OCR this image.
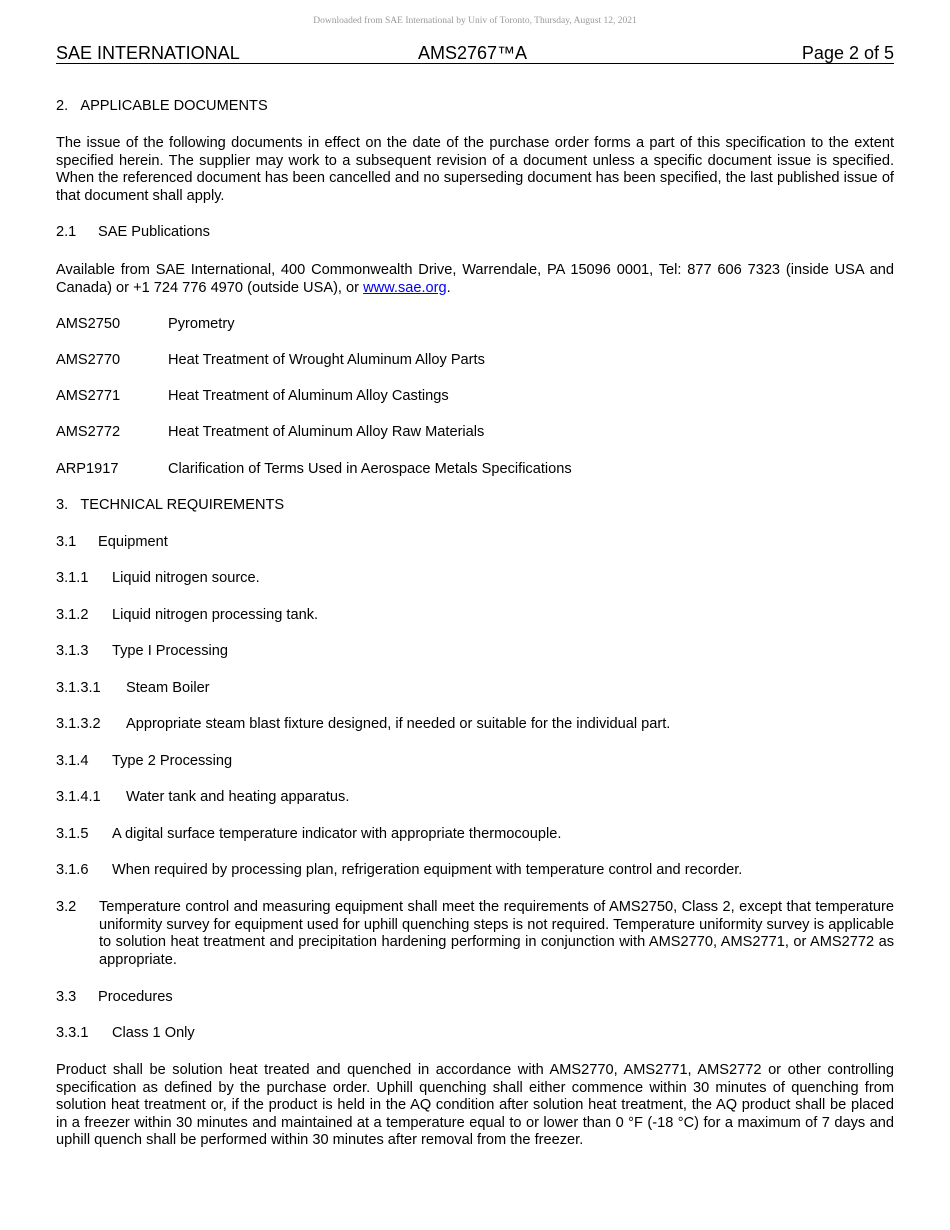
Downloaded from SAE International by Univ of Toronto, Thursday, August 12, 2021
SAE INTERNATIONAL	AMS2767™A	Page 2 of 5

2. APPLICABLE DOCUMENTS

The issue of the following documents in effect on the date of the purchase order forms a part of this specification to the extent specified herein. The supplier may work to a subsequent revision of a document unless a specific document issue is specified. When the referenced document has been cancelled and no superseding document has been specified, the last published issue of that document shall apply.

2.1 SAE Publications

Available from SAE International, 400 Commonwealth Drive, Warrendale, PA 15096 0001, Tel: 877 606 7323 (inside USA and Canada) or +1 724 776 4970 (outside USA), or www.sae.org.

AMS2750	Pyrometry
AMS2770	Heat Treatment of Wrought Aluminum Alloy Parts
AMS2771	Heat Treatment of Aluminum Alloy Castings
AMS2772	Heat Treatment of Aluminum Alloy Raw Materials
ARP1917	Clarification of Terms Used in Aerospace Metals Specifications

3. TECHNICAL REQUIREMENTS

3.1 Equipment

3.1.1 Liquid nitrogen source.

3.1.2 Liquid nitrogen processing tank.

3.1.3 Type I Processing

3.1.3.1 Steam Boiler

3.1.3.2 Appropriate steam blast fixture designed, if needed or suitable for the individual part.

3.1.4 Type 2 Processing

3.1.4.1 Water tank and heating apparatus.

3.1.5 A digital surface temperature indicator with appropriate thermocouple.

3.1.6 When required by processing plan, refrigeration equipment with temperature control and recorder.

3.2 Temperature control and measuring equipment shall meet the requirements of AMS2750, Class 2, except that temperature uniformity survey for equipment used for uphill quenching steps is not required. Temperature uniformity survey is applicable to solution heat treatment and precipitation hardening performing in conjunction with AMS2770, AMS2771, or AMS2772 as appropriate.

3.3 Procedures

3.3.1 Class 1 Only

Product shall be solution heat treated and quenched in accordance with AMS2770, AMS2771, AMS2772 or other controlling specification as defined by the purchase order. Uphill quenching shall either commence within 30 minutes of quenching from solution heat treatment or, if the product is held in the AQ condition after solution heat treatment, the AQ product shall be placed in a freezer within 30 minutes and maintained at a temperature equal to or lower than 0 °F (-18 °C) for a maximum of 7 days and uphill quench shall be performed within 30 minutes after removal from the freezer.
